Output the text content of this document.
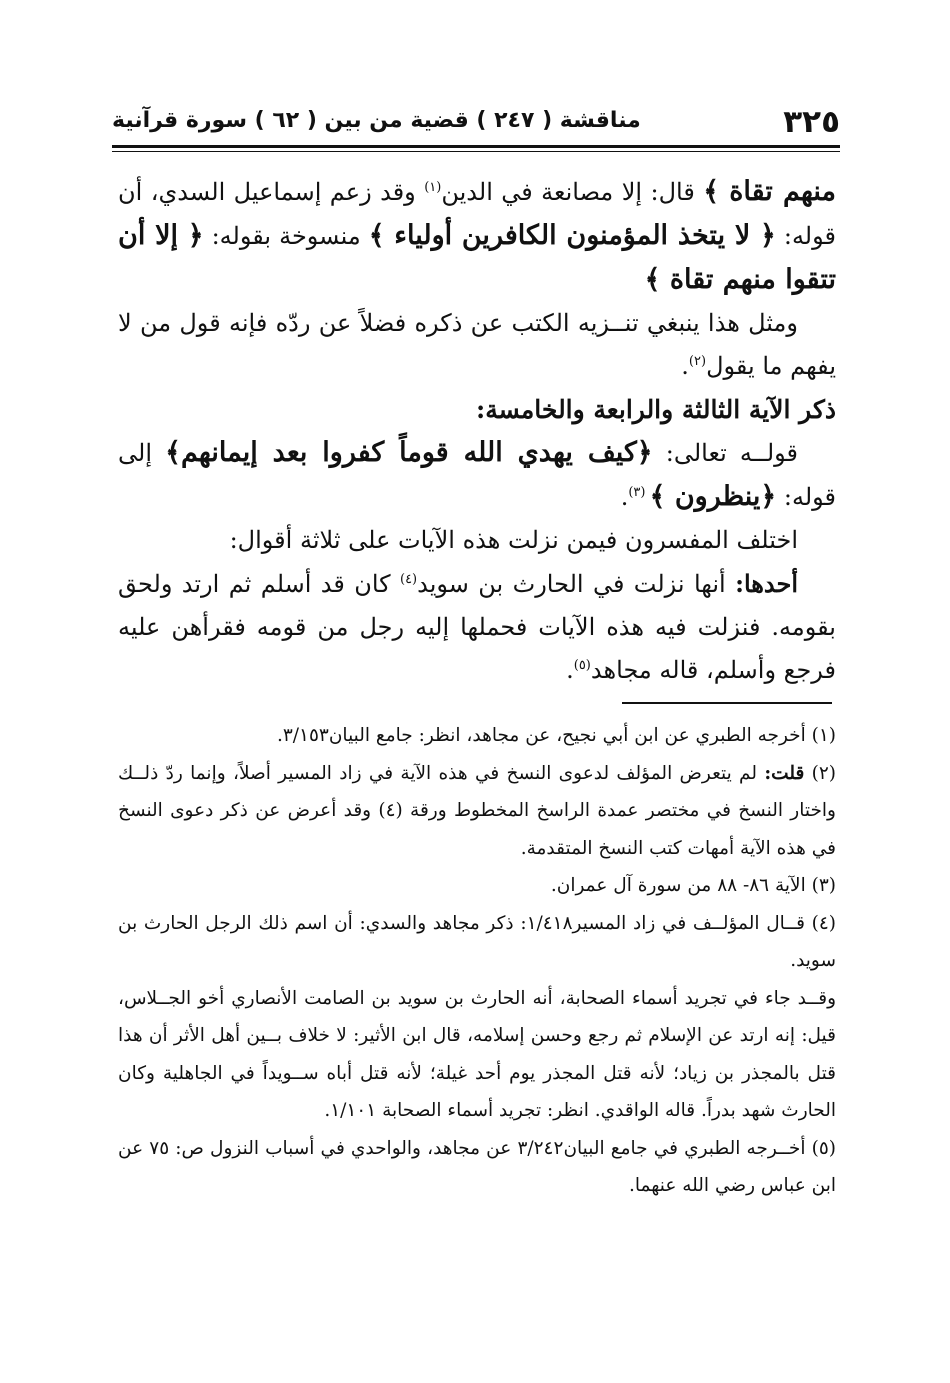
٣٢٥
مناقشة ( ٢٤٧ ) قضية من بين ( ٦٢ ) سورة قرآنية

منهم تقاة ﴾ قال: إلا مصانعة في الدين$^{(١)}$ وقد زعم إسماعيل السدي، أن قوله: ﴿ لا يتخذ المؤمنون الكافرين أولياء ﴾ منسوخة بقوله: ﴿ إلا أن تتقوا منهم تقاة ﴾

ومثل هذا ينبغي تنــزيه الكتب عن ذكره فضلاً عن ردّه فإنه قول من لا يفهم ما يقول$^{(٢)}$.

ذكر الآية الثالثة والرابعة والخامسة:

قولــه تعالى: ﴿كيف يهدي الله قوماً كفروا بعد إيمانهم﴾ إلى قوله: ﴿ينظرون ﴾ $^{(٣)}$.

اختلف المفسرون فيمن نزلت هذه الآيات على ثلاثة أقوال:

أحدها: أنها نزلت في الحارث بن سويد$^{(٤)}$ كان قد أسلم ثم ارتد ولحق بقومه. فنزلت فيه هذه الآيات فحملها إليه رجل من قومه فقرأهن عليه فرجع وأسلم، قاله مجاهد$^{(٥)}$.

(١) أخرجه الطبري عن ابن أبي نجيح، عن مجاهد، انظر: جامع البيان٣/١٥٣.

(٢) قلت: لم يتعرض المؤلف لدعوى النسخ في هذه الآية في زاد المسير أصلاً، وإنما ردّ ذلــك واختار النسخ في مختصر عمدة الراسخ المخطوط ورقة (٤) وقد أعرض عن ذكر دعوى النسخ في هذه الآية أمهات كتب النسخ المتقدمة.

(٣) الآية ٨٦- ٨٨ من سورة آل عمران.

(٤) قــال المؤلــف في زاد المسير١/٤١٨: ذكر مجاهد والسدي: أن اسم ذلك الرجل الحارث بن سويد.

وقــد جاء في تجريد أسماء الصحابة، أنه الحارث بن سويد بن الصامت الأنصاري أخو الجــلاس، قيل: إنه ارتد عن الإسلام ثم رجع وحسن إسلامه، قال ابن الأثير: لا خلاف بــين أهل الأثر أن هذا قتل بالمجذر بن زياد؛ لأنه قتل المجذر يوم أحد غيلة؛ لأنه قتل أباه ســويداً في الجاهلية وكان الحارث شهد بدراً. قاله الواقدي. انظر: تجريد أسماء الصحابة ١/١٠١.

(٥) أخــرجه الطبري في جامع البيان٣/٢٤٢ عن مجاهد، والواحدي في أسباب النزول ص: ٧٥ عن ابن عباس رضي الله عنهما.
